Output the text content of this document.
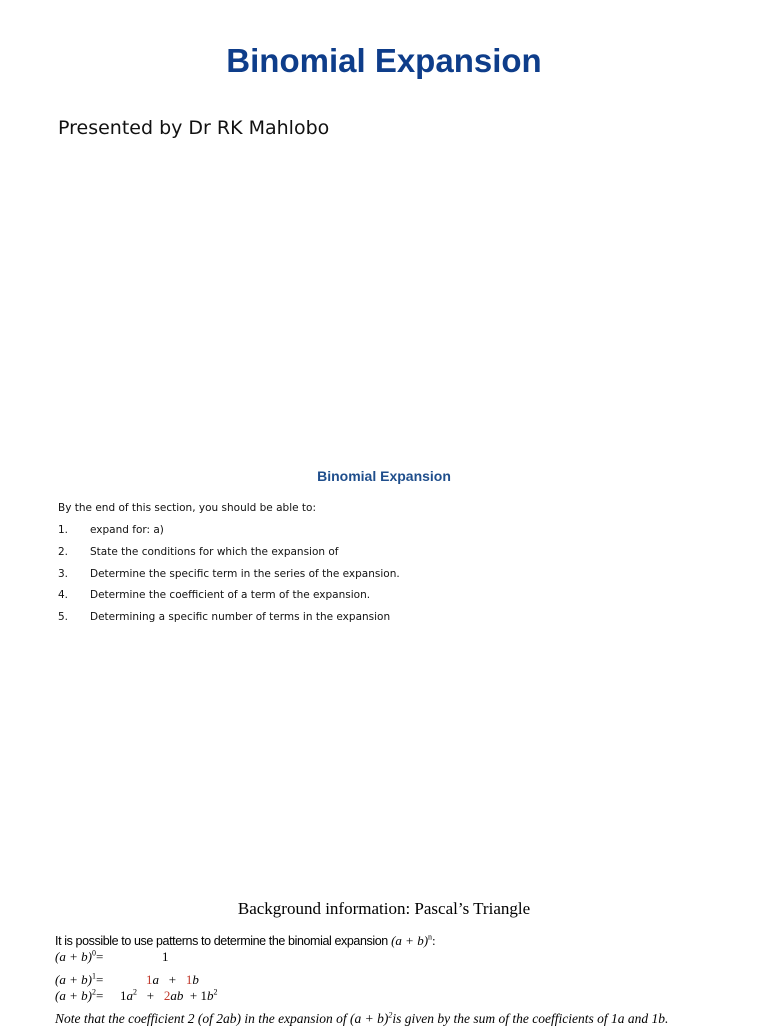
Binomial Expansion
Presented by Dr RK Mahlobo
Binomial Expansion
By the end of this section, you should be able to:
1. expand for: a)
2. State the conditions for which the expansion of
3. Determine the specific term in the series of the expansion.
4. Determine the coefficient of a term of the expansion.
5. Determining a specific number of terms in the expansion
Background information: Pascal’s Triangle
It is possible to use patterns to determine the binomial expansion $(a + b)^n$:
$(a + b)^0=$	1
$(a + b)^1=$	1a + 1b
$(a + b)^2= 1a^2 + 2ab + 1b^2$
Note that the coefficient 2 (of 2ab) in the expansion of $(a + b)^2is$ given by the sum of the coefficients of 1a and 1b.
